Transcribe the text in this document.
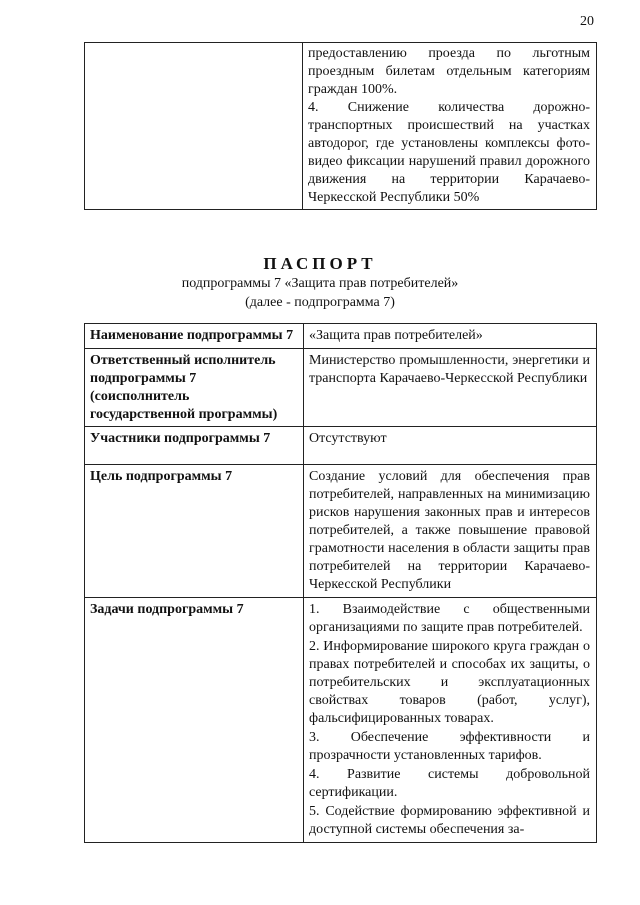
20

предоставлению проезда по льготным проездным билетам отдельным категориям граждан 100%.

4. Снижение количества дорожно-транспортных происшествий на участках автодорог, где установлены комплексы фото-видео фиксации нарушений правил дорожного движения на территории Карачаево-Черкесской Республики 50%

ПАСПОРТ
подпрограммы 7 «Защита прав потребителей»
(далее - подпрограмма 7)
Наименование подпрограммы 7	«Защита прав потребителей»

Ответственный исполнитель подпрограммы 7 (соисполнитель государственной программы)	Министерство промышленности, энергетики и транспорта Карачаево-Черкесской Республики

Участники подпрограммы 7	Отсутствуют

Цель подпрограммы 7	Создание условий для обеспечения прав потребителей, направленных на минимизацию рисков нарушения законных прав и интересов потребителей, а также повышение правовой грамотности населения в области защиты прав потребителей на территории Карачаево-Черкесской Республики

Задачи подпрограммы 7	1. Взаимодействие с общественными организациями по защите прав потребителей.

2. Информирование широкого круга граждан о правах потребителей и способах их защиты, о потребительских и эксплуатационных свойствах товаров (работ, услуг), фальсифицированных товарах.

3. Обеспечение эффективности и прозрачности установленных тарифов.

4. Развитие системы добровольной сертификации.

5. Содействие формированию эффективной и доступной системы обеспечения за-
